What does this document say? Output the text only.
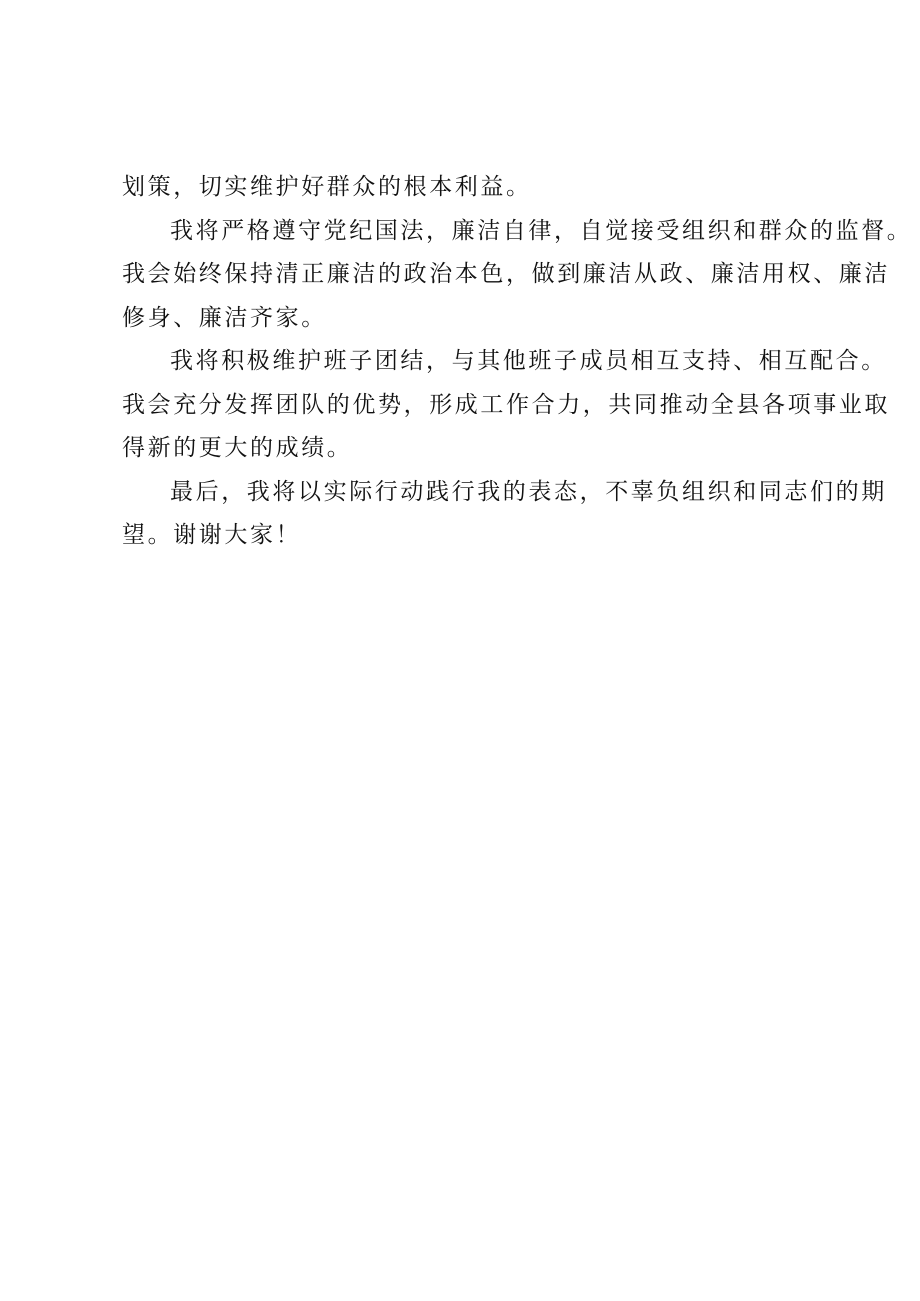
划策，切实维护好群众的根本利益。

我将严格遵守党纪国法，廉洁自律，自觉接受组织和群众的监督。
我会始终保持清正廉洁的政治本色，做到廉洁从政、廉洁用权、廉洁
修身、廉洁齐家。

我将积极维护班子团结，与其他班子成员相互支持、相互配合。
我会充分发挥团队的优势，形成工作合力，共同推动全县各项事业取
得新的更大的成绩。

最后，我将以实际行动践行我的表态，不辜负组织和同志们的期
望。谢谢大家！
